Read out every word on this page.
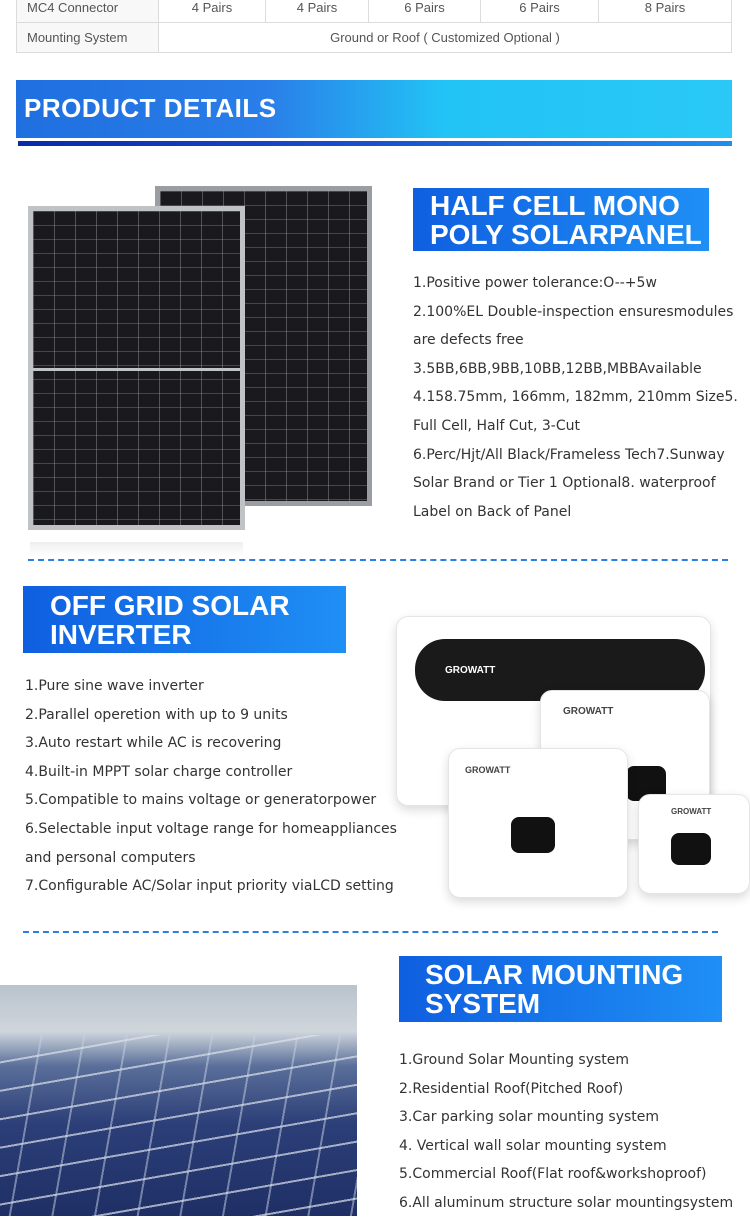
MC4 Connector	4 Pairs	4 Pairs	6 Pairs	6 Pairs	8 Pairs
Mounting System	Ground or Roof ( Customized Optional )				
PRODUCT DETAILS
HALF CELL MONO
POLY SOLARPANEL
1.Positive power tolerance:O--+5w
2.100%EL Double-inspection ensuresmodules
are defects free
3.5BB,6BB,9BB,10BB,12BB,MBBAvailable
4.158.75mm, 166mm, 182mm, 210mm Size5.
Full Cell, Half Cut, 3-Cut
6.Perc/Hjt/All Black/Frameless Tech7.Sunway
Solar Brand or Tier 1 Optional8. waterproof
Label on Back of Panel
OFF GRID SOLAR
INVERTER
1.Pure sine wave inverter
2.Parallel operetion with up to 9 units
3.Auto restart while AC is recovering
4.Built-in MPPT solar charge controller
5.Compatible to mains voltage or generatorpower
6.Selectable input voltage range for homeappliances
and personal computers
7.Configurable AC/Solar input priority viaLCD setting
GROWATT
GROWATT
GROWATT
GROWATT
SOLAR MOUNTING
SYSTEM
1.Ground Solar Mounting system
2.Residential Roof(Pitched Roof)
3.Car parking solar mounting system
4. Vertical wall solar mounting system
5.Commercial Roof(Flat roof&workshoproof)
6.All aluminum structure solar mountingsystem
